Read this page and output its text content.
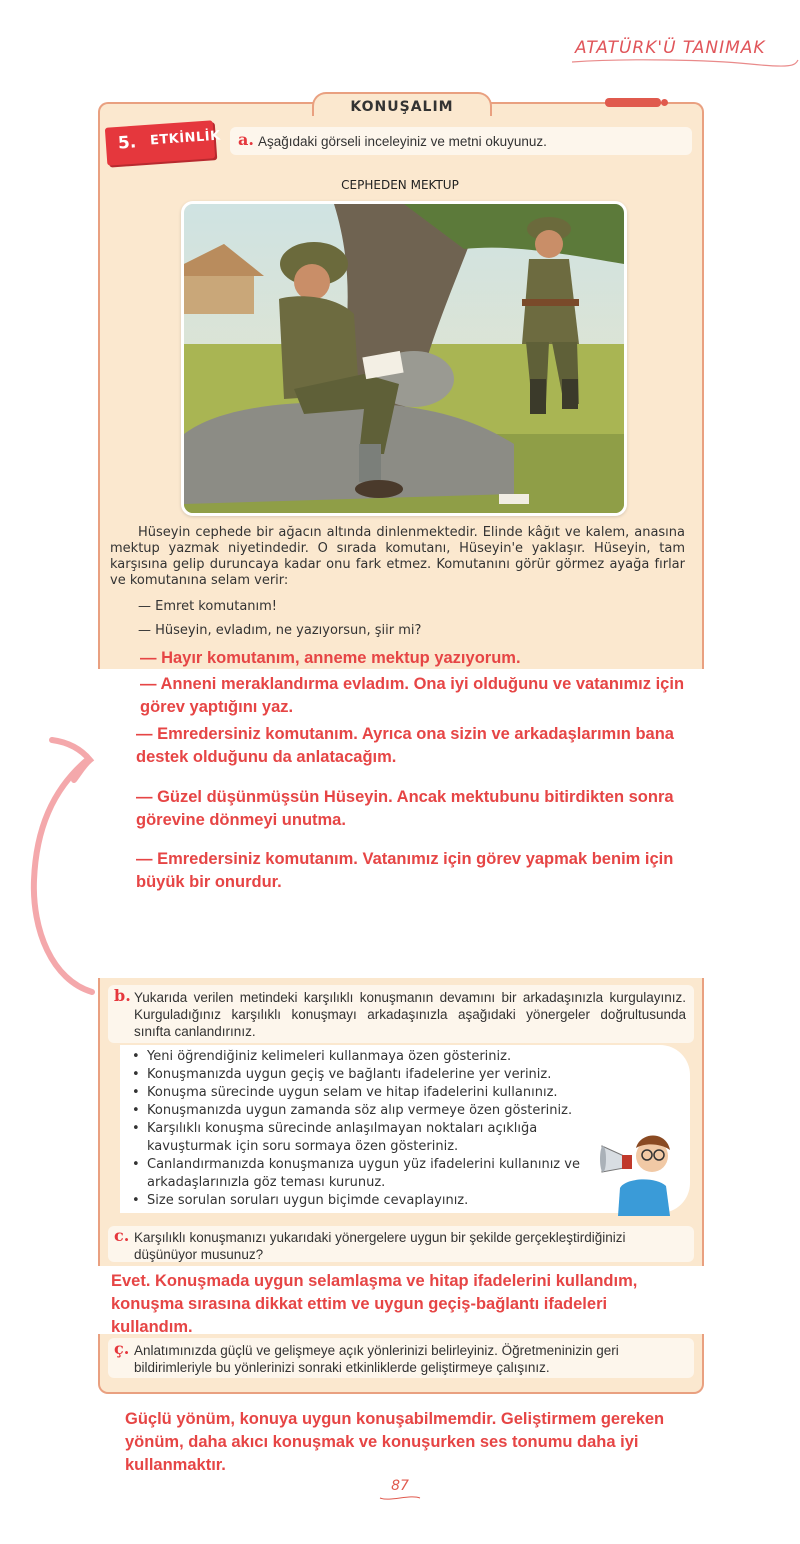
ATATÜRK'Ü TANIMAK
KONUŞALIM
5. ETKİNLİK a. Aşağıdaki görseli inceleyiniz ve metni okuyunuz.
CEPHEDEN MEKTUP
Hüseyin cephede bir ağacın altında dinlenmektedir. Elinde kâğıt ve kalem, anasına mektup yazmak niyetindedir. O sırada komutanı, Hüseyin'e yaklaşır. Hüseyin, tam karşısına gelip duruncaya kadar onu fark etmez. Komutanını görür görmez ayağa fırlar ve komutanına selam verir:
— Emret komutanım!
— Hüseyin, evladım, ne yazıyorsun, şiir mi?
— Hayır komutanım, anneme mektup yazıyorum.
— Anneni meraklandırma evladım. Ona iyi olduğunu ve vatanımız için görev yaptığını yaz.
— Emredersiniz komutanım. Ayrıca ona sizin ve arkadaşlarımın bana destek olduğunu da anlatacağım.
— Güzel düşünmüşsün Hüseyin. Ancak mektubunu bitirdikten sonra görevine dönmeyi unutma.
— Emredersiniz komutanım. Vatanımız için görev yapmak benim için büyük bir onurdur.
b. Yukarıda verilen metindeki karşılıklı konuşmanın devamını bir arkadaşınızla kurgulayınız. Kurguladığınız karşılıklı konuşmayı arkadaşınızla aşağıdaki yönergeler doğrultusunda sınıfta canlandırınız.
• Yeni öğrendiğiniz kelimeleri kullanmaya özen gösteriniz.
• Konuşmanızda uygun geçiş ve bağlantı ifadelerine yer veriniz.
• Konuşma sürecinde uygun selam ve hitap ifadelerini kullanınız.
• Konuşmanızda uygun zamanda söz alıp vermeye özen gösteriniz.
• Karşılıklı konuşma sürecinde anlaşılmayan noktaları açıklığa kavuşturmak için soru sormaya özen gösteriniz.
• Canlandırmanızda konuşmanıza uygun yüz ifadelerini kullanınız ve arkadaşlarınızla göz teması kurunuz.
• Size sorulan soruları uygun biçimde cevaplayınız.
c. Karşılıklı konuşmanızı yukarıdaki yönergelere uygun bir şekilde gerçekleştirdiğinizi düşünüyor musunuz?
Evet. Konuşmada uygun selamlaşma ve hitap ifadelerini kullandım, konuşma sırasına dikkat ettim ve uygun geçiş-bağlantı ifadeleri kullandım.
ç. Anlatımınızda güçlü ve gelişmeye açık yönlerinizi belirleyiniz. Öğretmeninizin geri bildirimleriyle bu yönlerinizi sonraki etkinliklerde geliştirmeye çalışınız.
Güçlü yönüm, konuya uygun konuşabilmemdir. Geliştirmem gereken yönüm, daha akıcı konuşmak ve konuşurken ses tonumu daha iyi kullanmaktır.
87
